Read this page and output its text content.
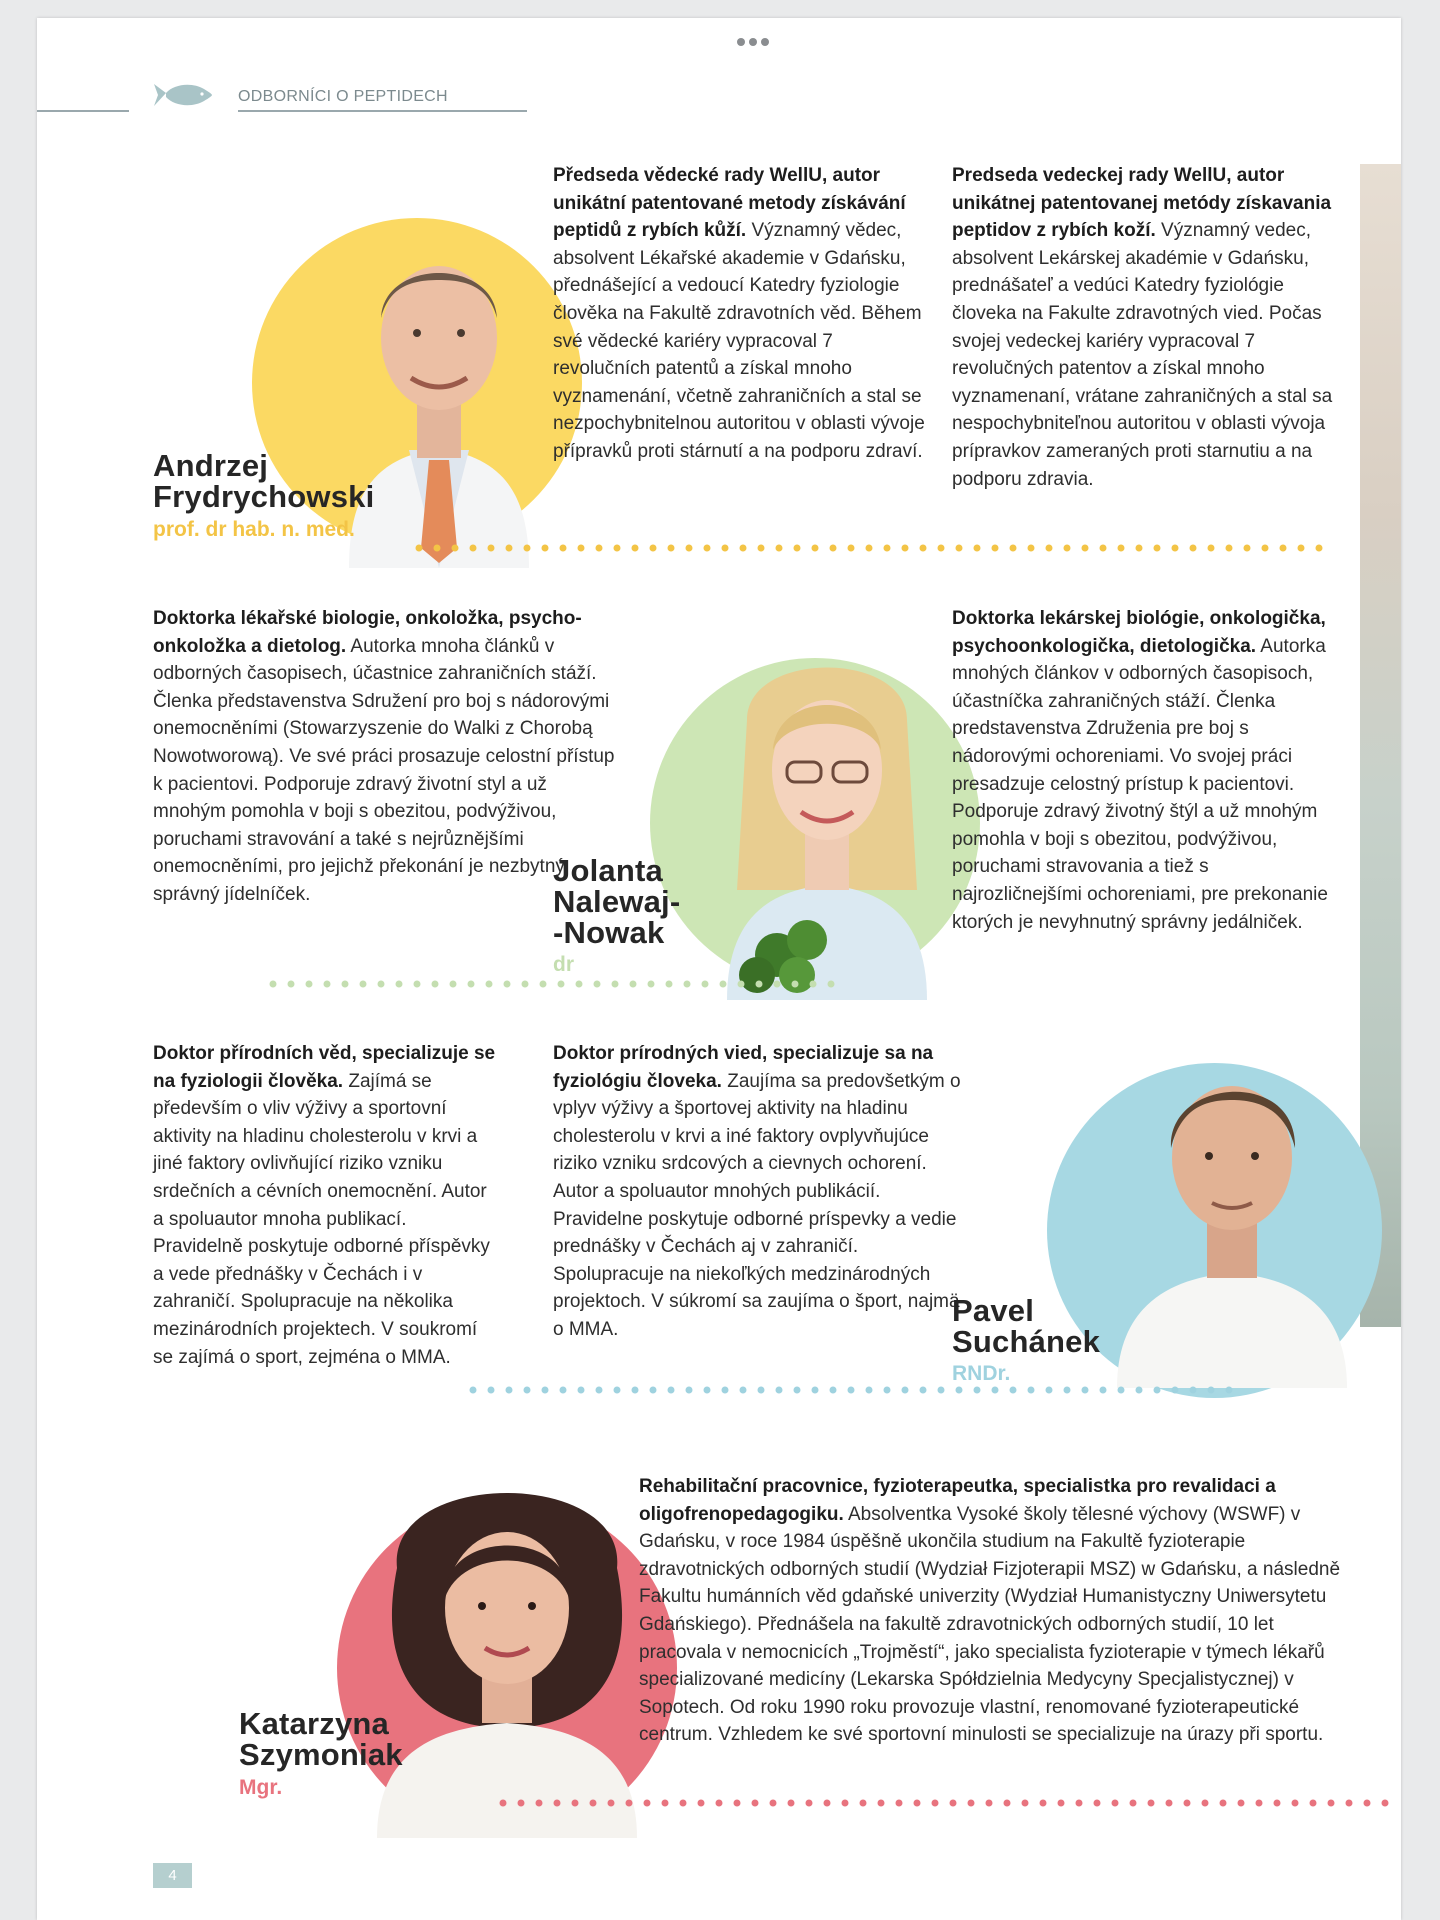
ODBORNÍCI O PEPTIDECH
Andrzej
Frydrychowski
prof. dr hab. n. med.
Předseda vědecké rady WellU, autor unikátní patentované metody získávání peptidů z rybích kůží. Významný vědec, absolvent Lékařské akademie v Gdańsku, přednášející a vedoucí Katedry fyziologie člověka na Fakultě zdravotních věd. Během své vědecké kariéry vypracoval 7 revolučních patentů a získal mnoho vyznamenání, včetně zahraničních a stal se nezpochybnitelnou autoritou v oblasti vývoje přípravků proti stárnutí a na podporu zdraví.
Predseda vedeckej rady WellU, autor unikátnej patentovanej metódy získavania peptidov z rybích koží. Významný vedec, absolvent Lekárskej akadémie v Gdańsku, prednášateľ a vedúci Katedry fyziológie človeka na Fakulte zdravotných vied. Počas svojej vedeckej kariéry vypracoval 7 revolučných patentov a získal mnoho vyznamenaní, vrátane zahraničných a stal sa nespochybniteľnou autoritou v oblasti vývoja prípravkov zameraných proti starnutiu a na podporu zdravia.
Doktorka lékařské biologie, onkoložka, psycho-onkoložka a dietolog. Autorka mnoha článků v odborných časopisech, účastnice zahraničních stáží. Členka představenstva Sdružení pro boj s nádorovými onemocněními (Stowarzyszenie do Walki z Chorobą Nowotworową). Ve své práci prosazuje celostní přístup k pacientovi. Podporuje zdravý životní styl a už mnohým pomohla v boji s obezitou, podvýživou, poruchami stravování a také s nejrůznějšími onemocněními, pro jejichž překonání je nezbytný správný jídelníček.
Jolanta
Nalewaj-
-Nowak
dr
Doktorka lekárskej biológie, onkologička, psychoonkologička, dietologička. Autorka mnohých článkov v odborných časopisoch, účastníčka zahraničných stáží. Členka predstavenstva Združenia pre boj s nádorovými ochoreniami. Vo svojej práci presadzuje celostný prístup k pacientovi. Podporuje zdravý životný štýl a už mnohým pomohla v boji s obezitou, podvýživou, poruchami stravovania a tiež s najrozličnejšími ochoreniami, pre prekonanie ktorých je nevyhnutný správny jedálniček.
Doktor přírodních věd, specializuje se na fyziologii člověka. Zajímá se především o vliv výživy a sportovní aktivity na hladinu cholesterolu v krvi a jiné faktory ovlivňující riziko vzniku srdečních a cévních onemocnění. Autor a spoluautor mnoha publikací. Pravidelně poskytuje odborné příspěvky a vede přednášky v Čechách i v zahraničí. Spolupracuje na několika mezinárodních projektech. V soukromí se zajímá o sport, zejména o MMA.
Doktor prírodných vied, specializuje sa na fyziológiu človeka. Zaujíma sa predovšetkým o vplyv výživy a športovej aktivity na hladinu cholesterolu v krvi a iné faktory ovplyvňujúce riziko vzniku srdcových a cievnych ochorení. Autor a spoluautor mnohých publikácií. Pravidelne poskytuje odborné príspevky a vedie prednášky v Čechách aj v zahraničí. Spolupracuje na niekoľkých medzinárodných projektoch. V súkromí sa zaujíma o šport, najmä o MMA.
Pavel
Suchánek
RNDr.
Katarzyna
Szymoniak
Mgr.
Rehabilitační pracovnice, fyzioterapeutka, specialistka pro revalidaci a oligofrenopedagogiku. Absolventka Vysoké školy tělesné výchovy (WSWF) v Gdańsku, v roce 1984 úspěšně ukončila studium na Fakultě fyzioterapie zdravotnických odborných studií (Wydział Fizjoterapii MSZ) w Gdańsku, a následně Fakultu humánních věd gdaňské univerzity (Wydział Humanistyczny Uniwersytetu Gdańskiego). Přednášela na fakultě zdravotnických odborných studií, 10 let pracovala v nemocnicích „Trojměstí“, jako specialista fyzioterapie v týmech lékařů specializované medicíny (Lekarska Spółdzielnia Medycyny Specjalistycznej) v Sopotech. Od roku 1990 roku provozuje vlastní, renomované fyzioterapeutické centrum. Vzhledem ke své sportovní minulosti se specializuje na úrazy při sportu.
4
